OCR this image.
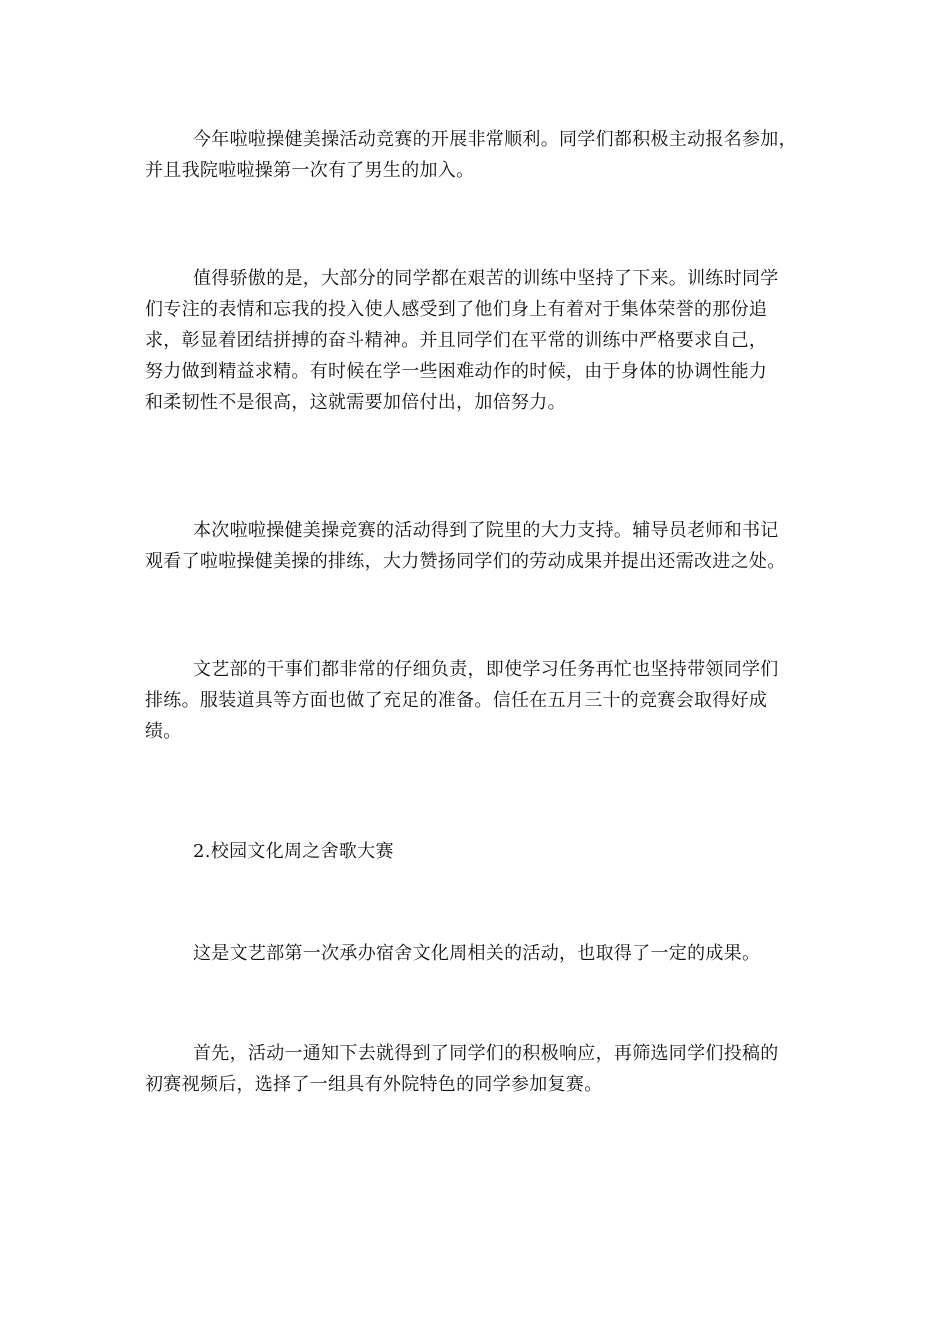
今年啦啦操健美操活动竞赛的开展非常顺利。同学们都积极主动报名参加，
并且我院啦啦操第一次有了男生的加入。

值得骄傲的是，大部分的同学都在艰苦的训练中坚持了下来。训练时同学
们专注的表情和忘我的投入使人感受到了他们身上有着对于集体荣誉的那份追
求，彰显着团结拼搏的奋斗精神。并且同学们在平常的训练中严格要求自己，
努力做到精益求精。有时候在学一些困难动作的时候，由于身体的协调性能力
和柔韧性不是很高，这就需要加倍付出，加倍努力。

本次啦啦操健美操竞赛的活动得到了院里的大力支持。辅导员老师和书记
观看了啦啦操健美操的排练，大力赞扬同学们的劳动成果并提出还需改进之处。

文艺部的干事们都非常的仔细负责，即使学习任务再忙也坚持带领同学们
排练。服装道具等方面也做了充足的准备。信任在五月三十的竞赛会取得好成
绩。

2.校园文化周之舍歌大赛

这是文艺部第一次承办宿舍文化周相关的活动，也取得了一定的成果。

首先，活动一通知下去就得到了同学们的积极响应，再筛选同学们投稿的
初赛视频后，选择了一组具有外院特色的同学参加复赛。
